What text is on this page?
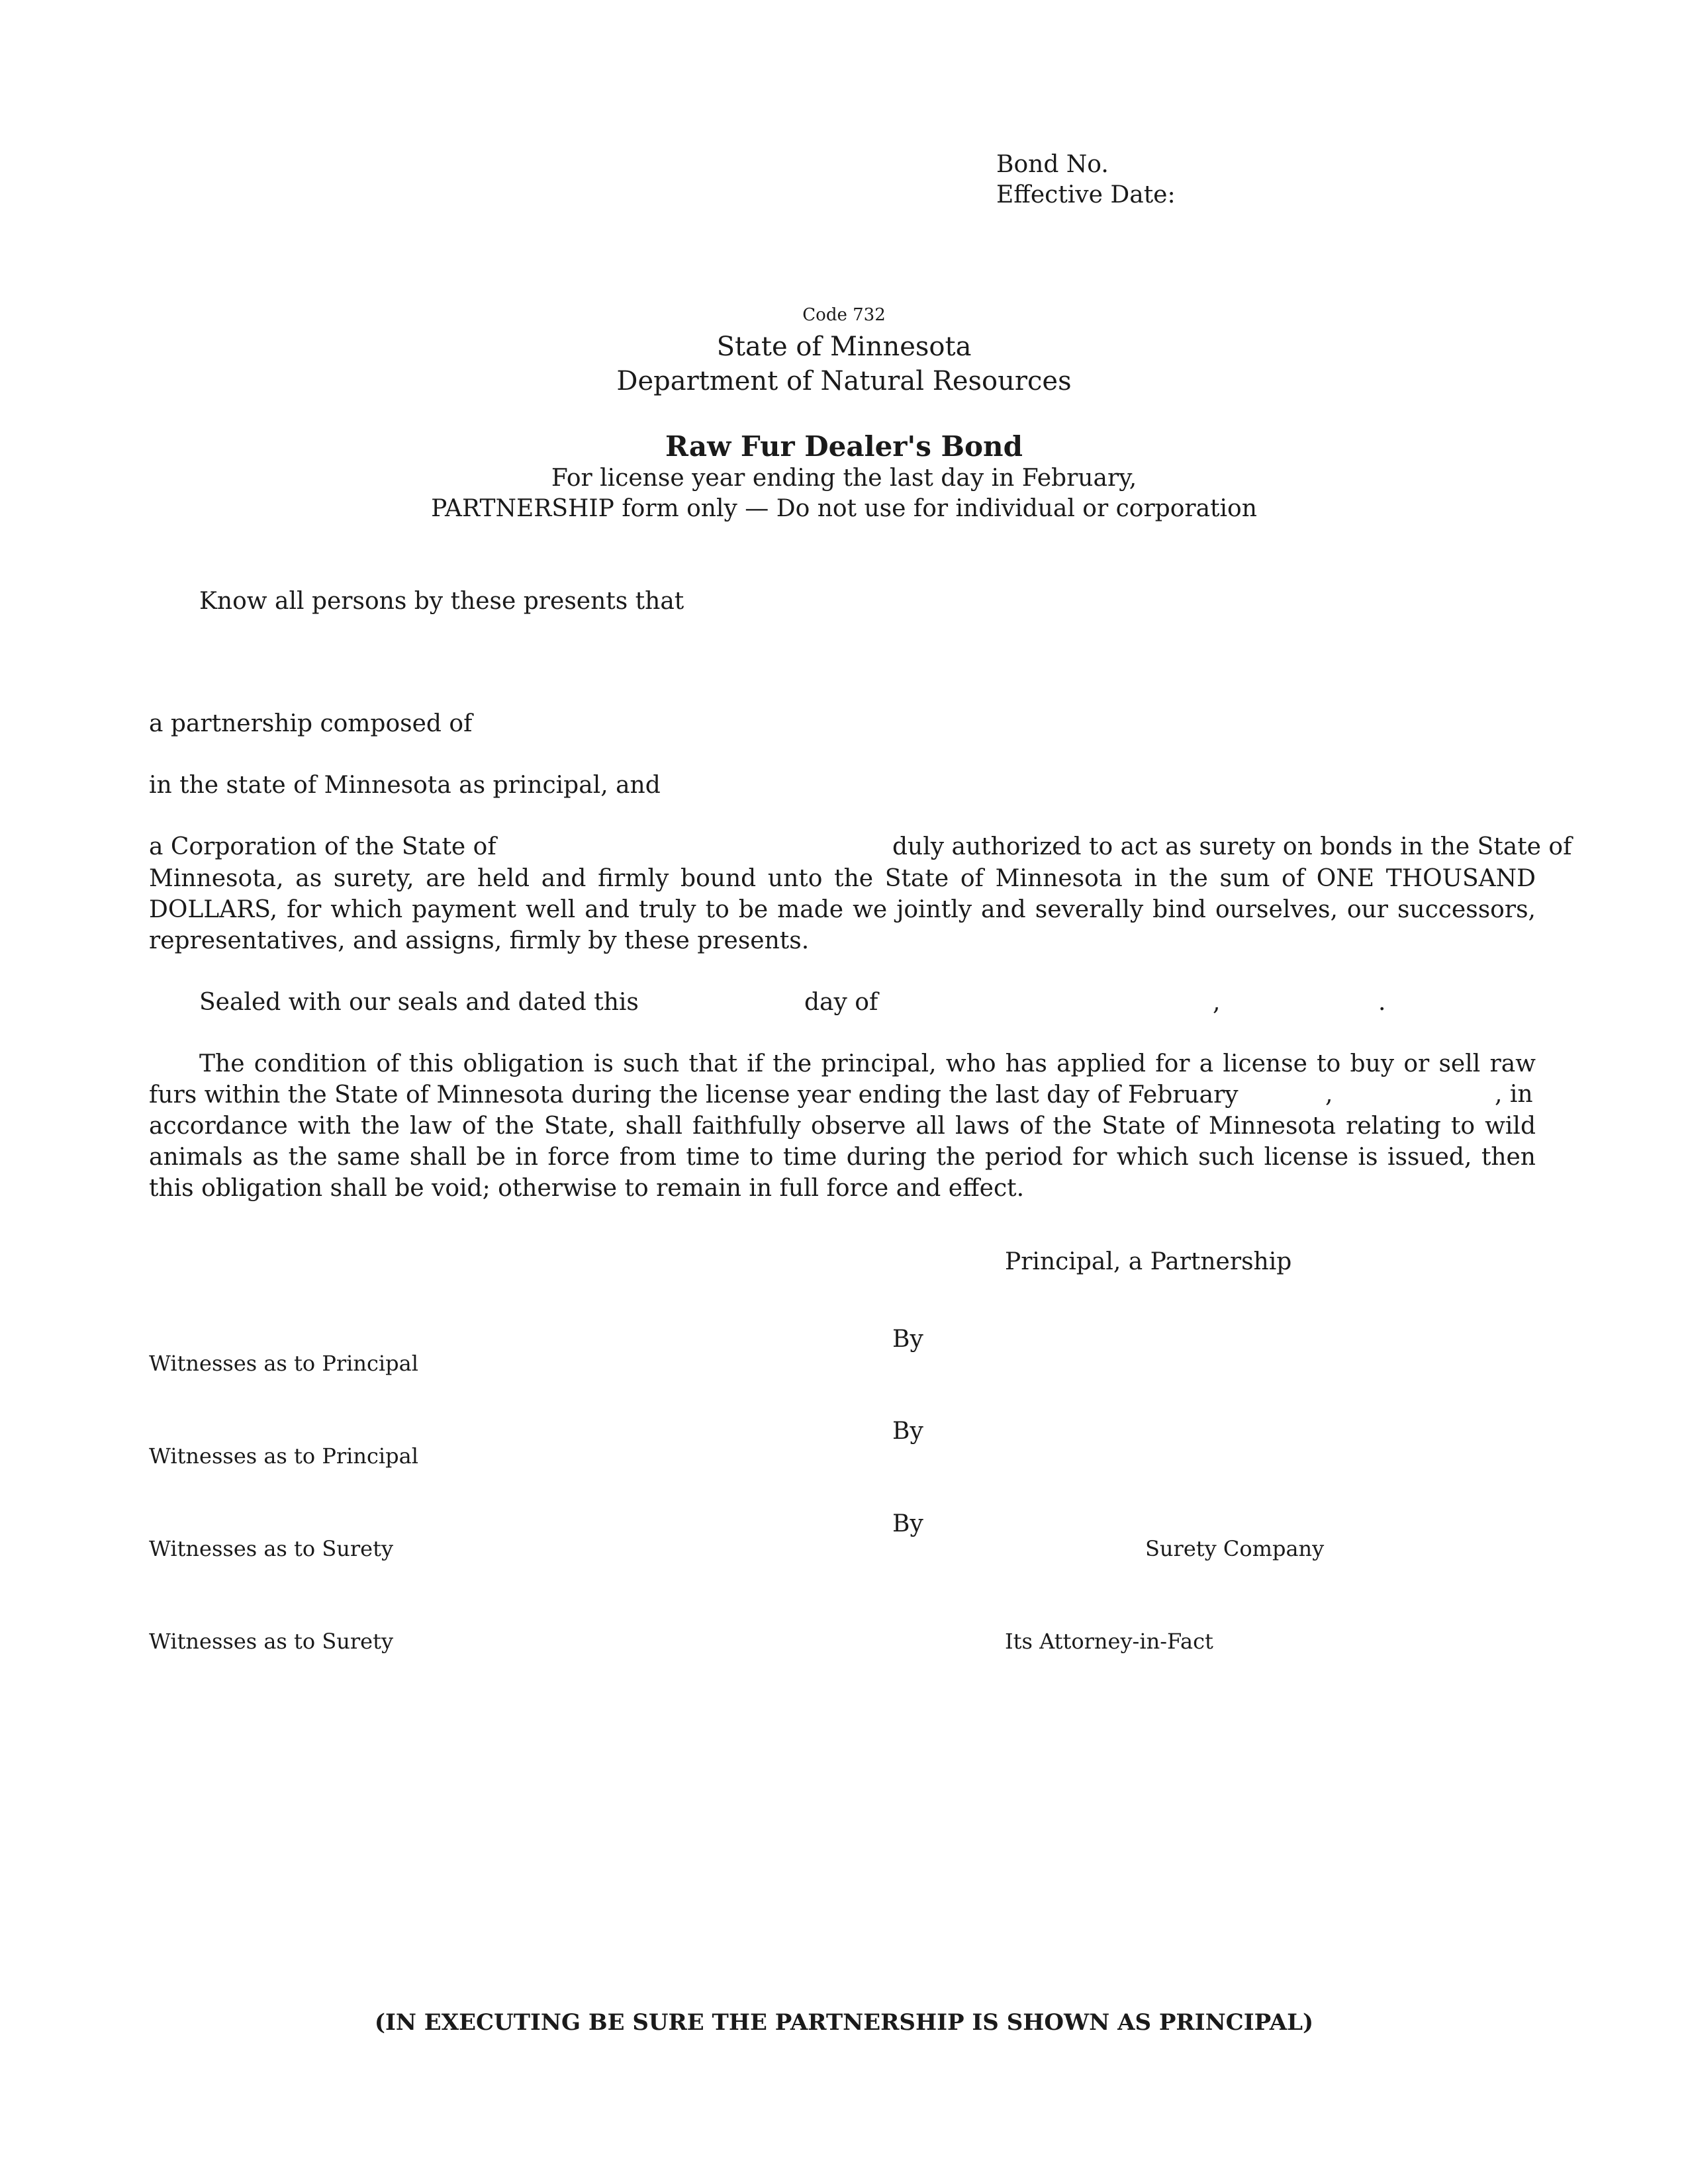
Bond No.
Effective Date:
Code 732
State of Minnesota
Department of Natural Resources
Raw Fur Dealer's Bond
For license year ending the last day in February,
PARTNERSHIP form only — Do not use for individual or corporation
Know all persons by these presents that
a partnership composed of
in the state of Minnesota as principal, and
a Corporation of the State of	duly authorized to act as surety on bonds in the State of
Minnesota, as surety, are held and firmly bound unto the State of Minnesota in the sum of ONE THOUSAND DOLLARS, for which payment well and truly to be made we jointly and severally bind ourselves, our successors, representatives, and assigns, firmly by these presents.
Sealed with our seals and dated this	day of	,	.
The condition of this obligation is such that if the principal, who has applied for a license to buy or sell raw furs within the State of Minnesota during the license year ending the last day of February	,	, in
accordance with the law of the State, shall faithfully observe all laws of the State of Minnesota relating to wild animals as the same shall be in force from time to time during the period for which such license is issued, then this obligation shall be void; otherwise to remain in full force and effect.
Principal, a Partnership
By
Witnesses as to Principal
By
Witnesses as to Principal
By
Witnesses as to Surety	Surety Company
Witnesses as to Surety	Its Attorney-in-Fact
(IN EXECUTING BE SURE THE PARTNERSHIP IS SHOWN AS PRINCIPAL)
